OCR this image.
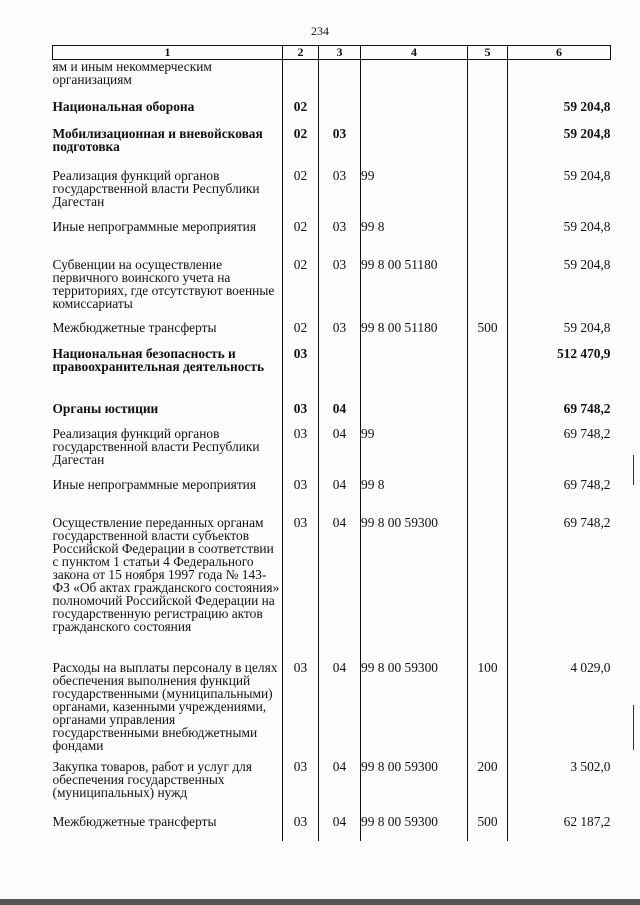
234
1	2	3	4	5	6
ям и иным некоммерческим организациям					
Национальная оборона	02				59 204,8
Мобилизационная и вневойсковая подготовка	02	03			59 204,8
Реализация функций органов государственной власти Республики Дагестан	02	03	99		59 204,8
Иные непрограммные мероприятия	02	03	99 8		59 204,8
Субвенции на осуществление первичного воинского учета на территориях, где отсутствуют военные комиссариаты	02	03	99 8 00 51180		59 204,8
Межбюджетные трансферты	02	03	99 8 00 51180	500	59 204,8
Национальная безопасность и правоохранительная деятельность	03				512 470,9
Органы юстиции	03	04			69 748,2
Реализация функций органов государственной власти Республики Дагестан	03	04	99		69 748,2
Иные непрограммные мероприятия	03	04	99 8		69 748,2
Осуществление переданных органам государственной власти субъектов Российской Федерации в соответствии с пунктом 1 статьи 4 Федерального закона от 15 ноября 1997 года № 143-ФЗ «Об актах гражданского состояния» полномочий Российской Федерации на государственную регистрацию актов гражданского состояния	03	04	99 8 00 59300		69 748,2
Расходы на выплаты персоналу в целях обеспечения выполнения функций государственными (муниципальными) органами, казенными учреждениями, органами управления государственными внебюджетными фондами	03	04	99 8 00 59300	100	4 029,0
Закупка товаров, работ и услуг для обеспечения государственных (муниципальных) нужд	03	04	99 8 00 59300	200	3 502,0
Межбюджетные трансферты	03	04	99 8 00 59300	500	62 187,2
